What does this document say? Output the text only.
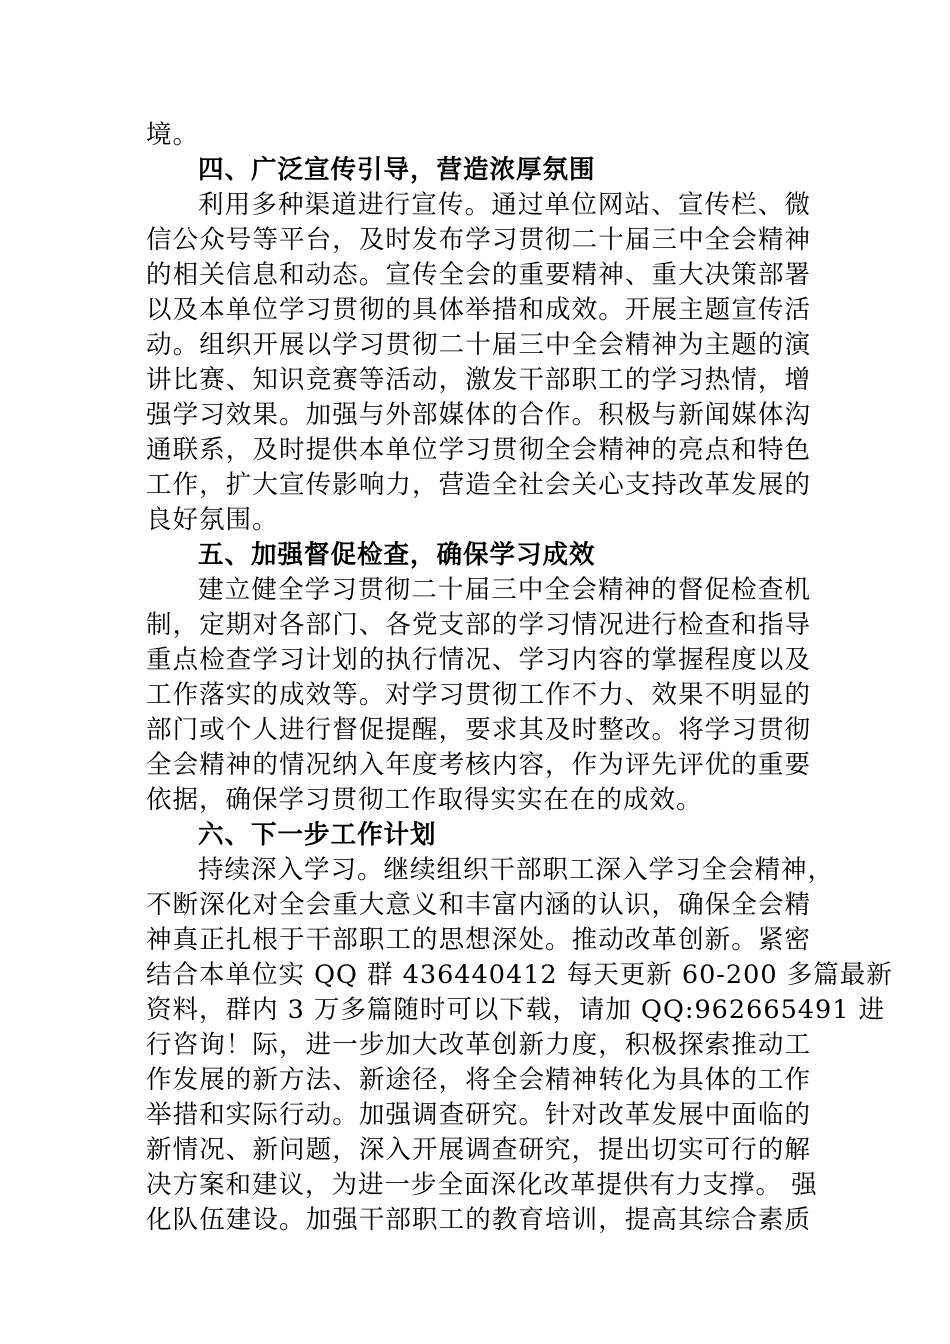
境。
四、广泛宣传引导，营造浓厚氛围
利用多种渠道进行宣传。通过单位网站、宣传栏、微
信公众号等平台，及时发布学习贯彻二十届三中全会精神
的相关信息和动态。宣传全会的重要精神、重大决策部署
以及本单位学习贯彻的具体举措和成效。开展主题宣传活
动。组织开展以学习贯彻二十届三中全会精神为主题的演
讲比赛、知识竞赛等活动，激发干部职工的学习热情，增
强学习效果。加强与外部媒体的合作。积极与新闻媒体沟
通联系，及时提供本单位学习贯彻全会精神的亮点和特色
工作，扩大宣传影响力，营造全社会关心支持改革发展的
良好氛围。
五、加强督促检查，确保学习成效
建立健全学习贯彻二十届三中全会精神的督促检查机
制，定期对各部门、各党支部的学习情况进行检查和指导
重点检查学习计划的执行情况、学习内容的掌握程度以及
工作落实的成效等。对学习贯彻工作不力、效果不明显的
部门或个人进行督促提醒，要求其及时整改。将学习贯彻
全会精神的情况纳入年度考核内容，作为评先评优的重要
依据，确保学习贯彻工作取得实实在在的成效。
六、下一步工作计划
持续深入学习。继续组织干部职工深入学习全会精神，
不断深化对全会重大意义和丰富内涵的认识，确保全会精
神真正扎根于干部职工的思想深处。推动改革创新。紧密
结合本单位实 QQ 群 436440412 每天更新 60-200 多篇最新
资料，群内 3 万多篇随时可以下载，请加 QQ:962665491 进
行咨询！际，进一步加大改革创新力度，积极探索推动工
作发展的新方法、新途径，将全会精神转化为具体的工作
举措和实际行动。加强调查研究。针对改革发展中面临的
新情况、新问题，深入开展调查研究，提出切实可行的解
决方案和建议，为进一步全面深化改革提供有力支撑。 强
化队伍建设。加强干部职工的教育培训，提高其综合素质
